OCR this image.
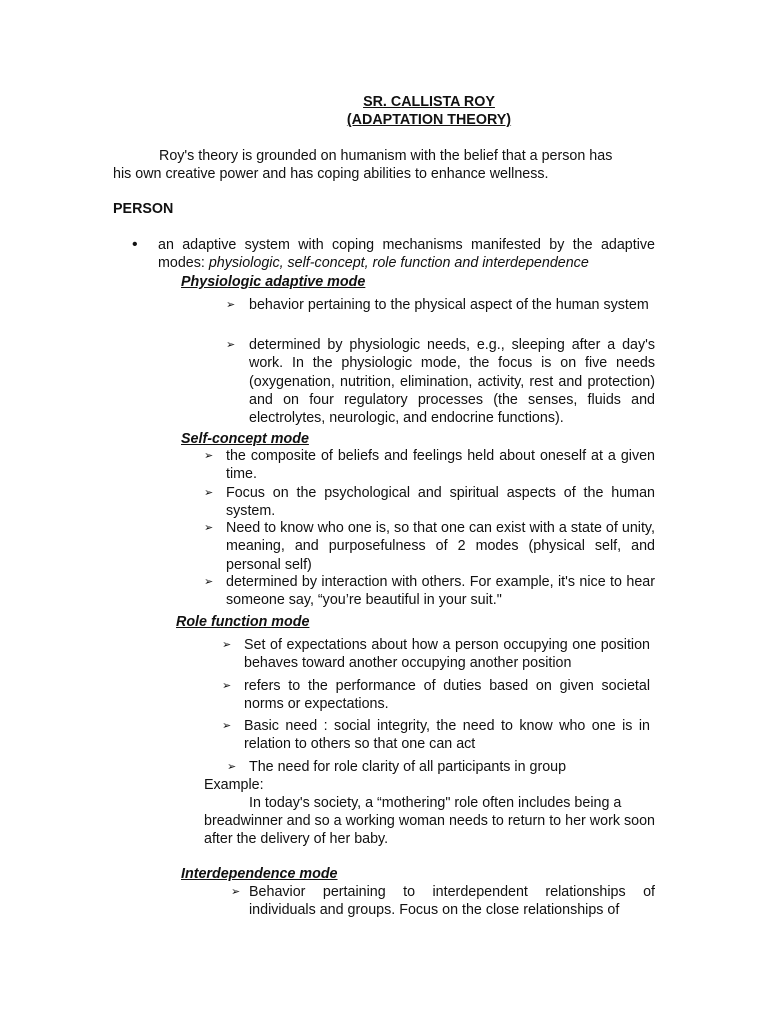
SR. CALLISTA ROY
(ADAPTATION THEORY)
Roy's theory is grounded on humanism with the belief that a person has
his own creative power and has coping abilities to enhance wellness.
PERSON
• an adaptive system with coping mechanisms manifested by the adaptive modes: physiologic, self-concept, role function and interdependence
Physiologic adaptive mode
➢ behavior pertaining to the physical aspect of the human system
➢ determined by physiologic needs, e.g., sleeping after a day's work. In the physiologic mode, the focus is on five needs (oxygenation, nutrition, elimination, activity, rest and protection) and on four regulatory processes (the senses, fluids and electrolytes, neurologic, and endocrine functions).
Self-concept mode
➢ the composite of beliefs and feelings held about oneself at a given time.
➢ Focus on the psychological and spiritual aspects of the human system.
➢ Need to know who one is, so that one can exist with a state of unity, meaning, and purposefulness of 2 modes (physical self, and personal self)
➢ determined by interaction with others. For example, it's nice to hear someone say, “you’re beautiful in your suit."
Role function mode
➢ Set of expectations about how a person occupying one position behaves toward another occupying another position
➢ refers to the performance of duties based on given societal norms or expectations.
➢ Basic need : social integrity, the need to know who one is in relation to others so that one can act
➢ The need for role clarity of all participants in group
Example:
In today's society, a “mothering" role often includes being a
breadwinner and so a working woman needs to return to her work soon after the delivery of her baby.
Interdependence mode
➢ Behavior pertaining to interdependent relationships of individuals and groups. Focus on the close relationships of
